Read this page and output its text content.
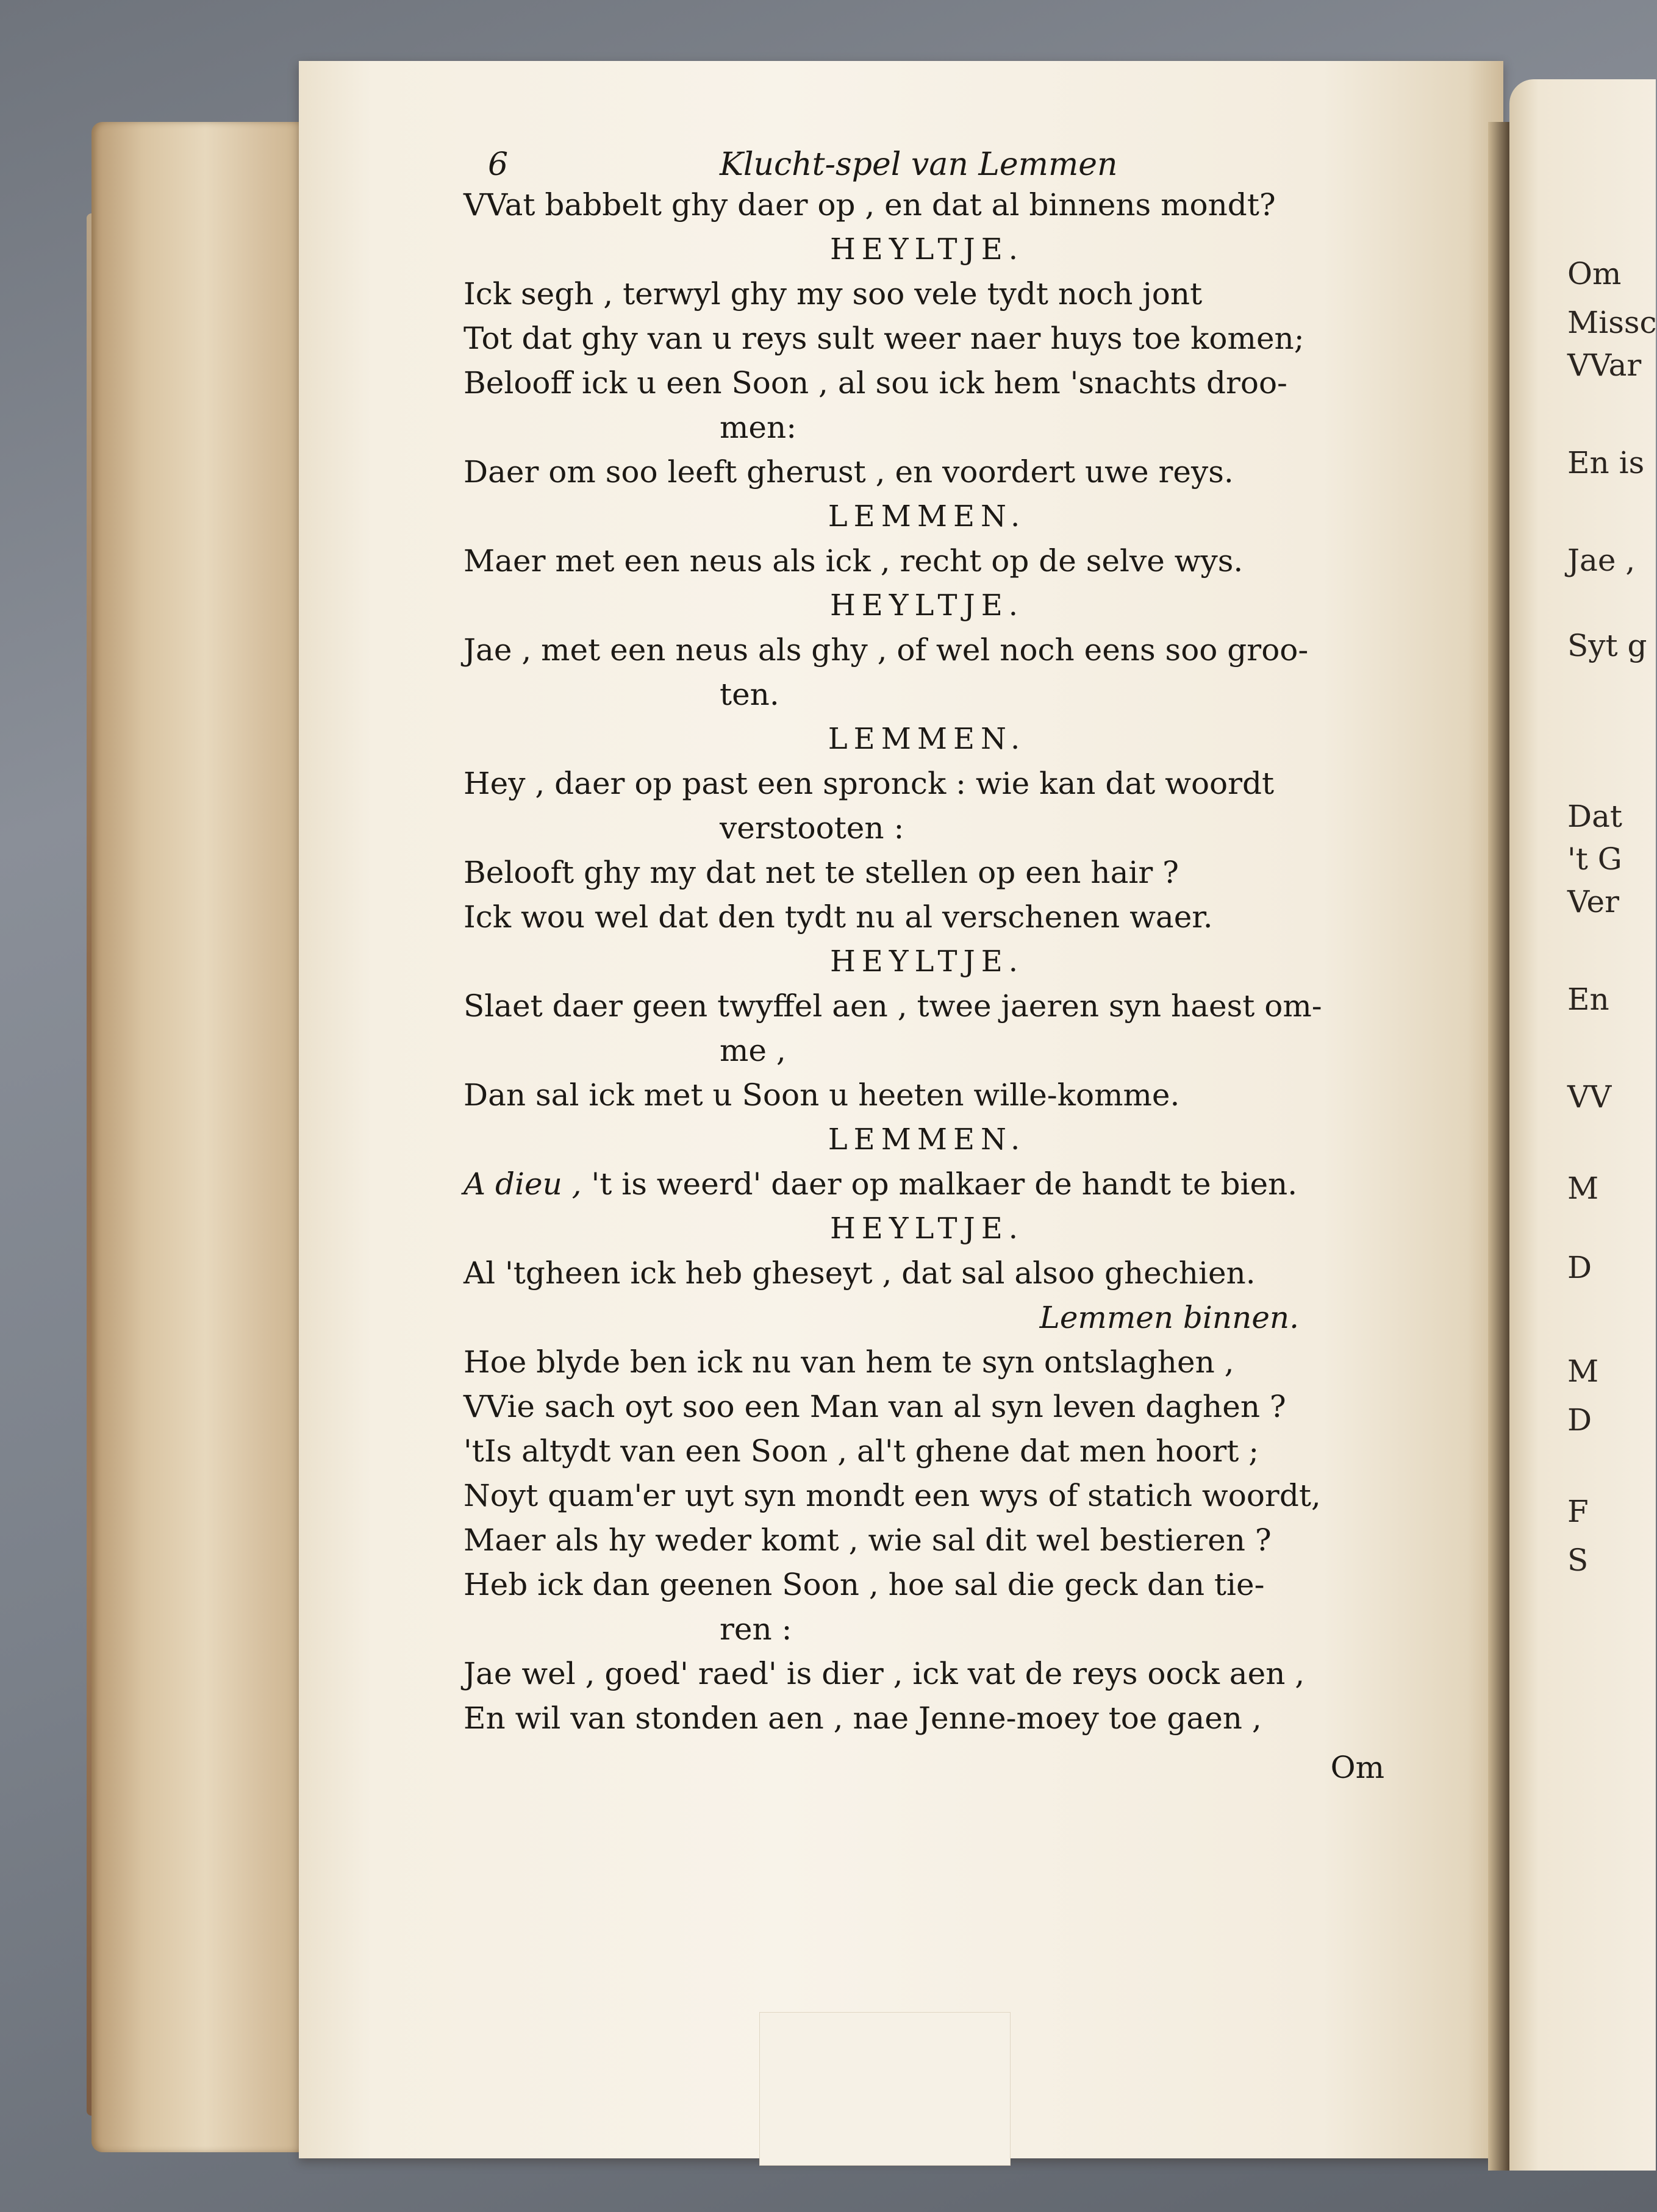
Om
Missc
VVar
En is
Jae ,
Syt g
Dat
't G
Ver
En
VV
M
D
M
D
F
S
6	Klucht-spel van Lemmen
VVat babbelt ghy daer op , en dat al binnens mondt?
HEYLTJE.
Ick segh , terwyl ghy my soo vele tydt noch jont
Tot dat ghy van u reys sult weer naer huys toe komen;
Belooff ick u een Soon , al sou ick hem 'snachts droo-
men:
Daer om soo leeft gherust , en voordert uwe reys.
LEMMEN.
Maer met een neus als ick , recht op de selve wys.
HEYLTJE.
Jae , met een neus als ghy , of wel noch eens soo groo-
ten.
LEMMEN.
Hey , daer op past een spronck : wie kan dat woordt
verstooten :
Belooft ghy my dat net te stellen op een hair ?
Ick wou wel dat den tydt nu al verschenen waer.
HEYLTJE.
Slaet daer geen twyffel aen , twee jaeren syn haest om-
me ,
Dan sal ick met u Soon u heeten wille-komme.
LEMMEN.
A dieu , 't is weerd' daer op malkaer de handt te bien.
HEYLTJE.
Al 'tgheen ick heb gheseyt , dat sal alsoo ghechien.
Lemmen binnen.
Hoe blyde ben ick nu van hem te syn ontslaghen ,
VVie sach oyt soo een Man van al syn leven daghen ?
'tIs altydt van een Soon , al't ghene dat men hoort ;
Noyt quam'er uyt syn mondt een wys of statich woordt,
Maer als hy weder komt , wie sal dit wel bestieren ?
Heb ick dan geenen Soon , hoe sal die geck dan tie-
ren :
Jae wel , goed' raed' is dier , ick vat de reys oock aen ,
En wil van stonden aen , nae Jenne-moey toe gaen ,
Om
